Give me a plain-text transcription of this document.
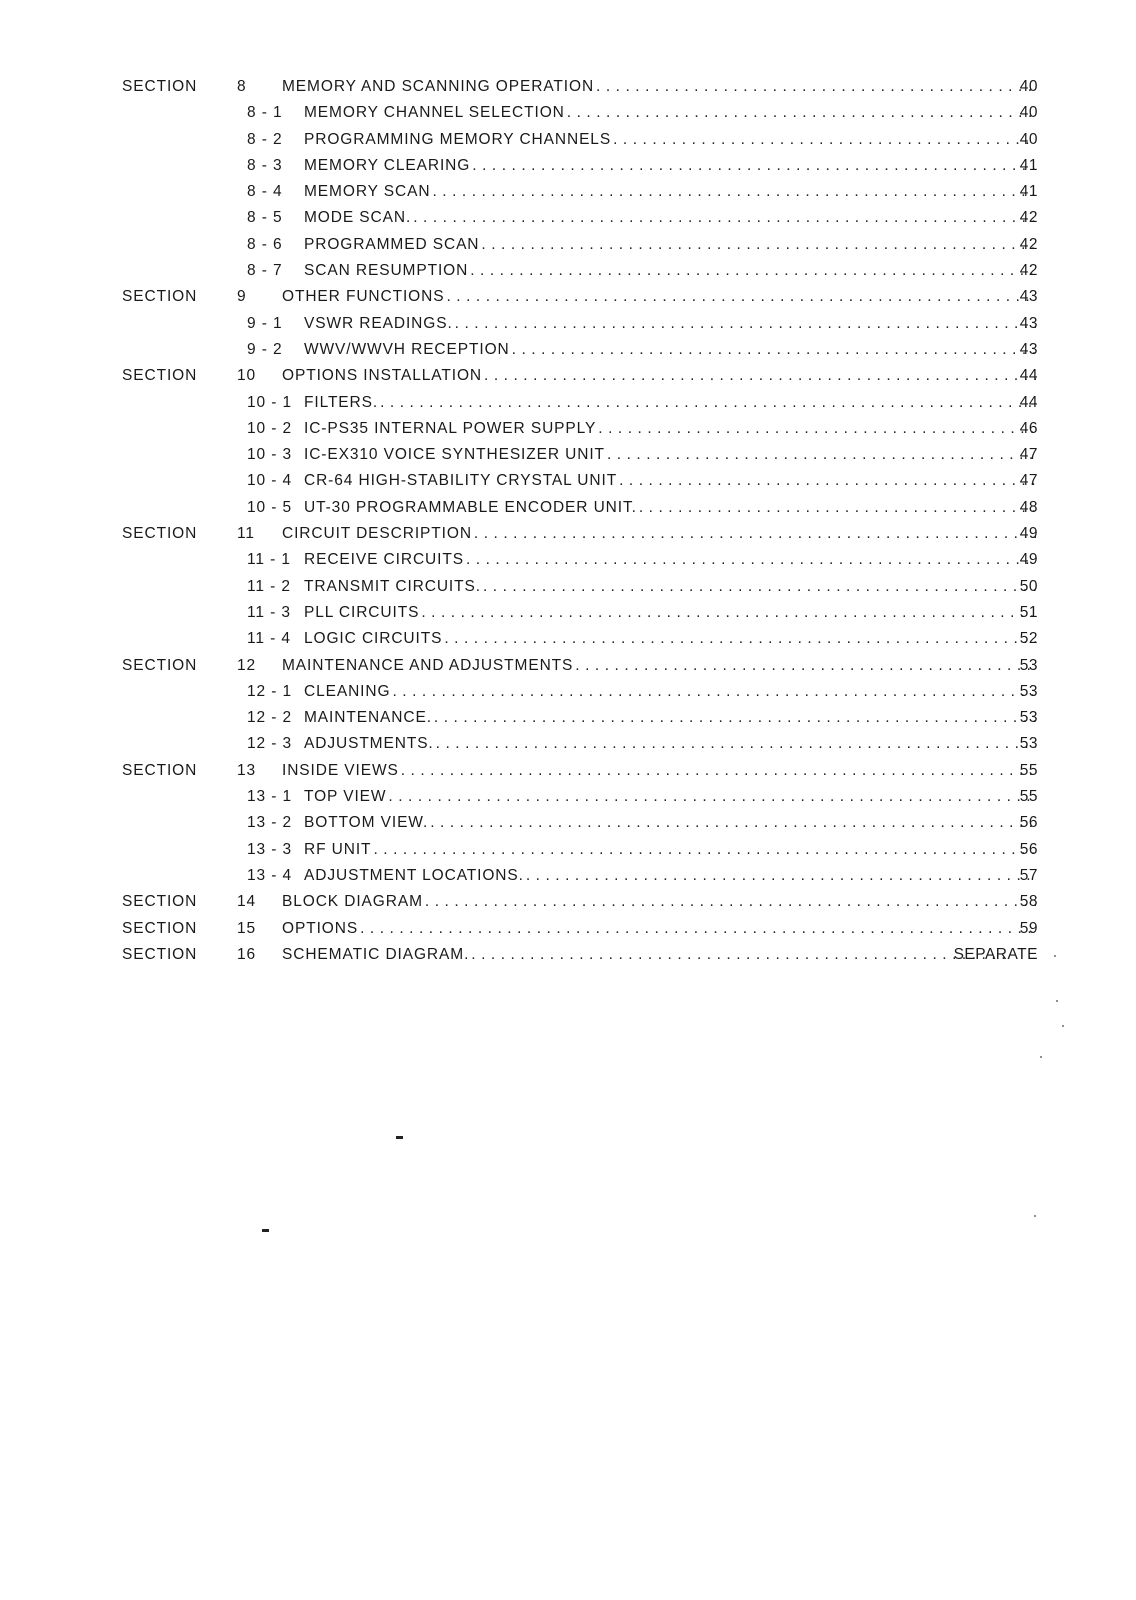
SECTION	8 MEMORY AND SCANNING OPERATION . . .	40
8 - 1 MEMORY CHANNEL SELECTION . . .	40
8 - 2 PROGRAMMING MEMORY CHANNELS . . .	40
8 - 3 MEMORY CLEARING . . .	41
8 - 4 MEMORY SCAN . . .	41
8 - 5 MODE SCAN. . . .	42
8 - 6 PROGRAMMED SCAN . . .	42
8 - 7 SCAN RESUMPTION . . .	42
SECTION	9 OTHER FUNCTIONS . . .	43
9 - 1 VSWR READINGS. . . .	43
9 - 2 WWV/WWVH RECEPTION . . .	43
SECTION	10 OPTIONS INSTALLATION . . .	44
10 - 1 FILTERS. . . .	44
10 - 2 IC-PS35 INTERNAL POWER SUPPLY . . .	46
10 - 3 IC-EX310 VOICE SYNTHESIZER UNIT . . .	47
10 - 4 CR-64 HIGH-STABILITY CRYSTAL UNIT . . .	47
10 - 5 UT-30 PROGRAMMABLE ENCODER UNIT. . . .	48
SECTION	11 CIRCUIT DESCRIPTION . . .	49
11 - 1 RECEIVE CIRCUITS . . .	49
11 - 2 TRANSMIT CIRCUITS. . . .	50
11 - 3 PLL CIRCUITS . . .	51
11 - 4 LOGIC CIRCUITS . . .	52
SECTION	12 MAINTENANCE AND ADJUSTMENTS . . .	53
12 - 1 CLEANING . . .	53
12 - 2 MAINTENANCE. . . .	53
12 - 3 ADJUSTMENTS. . . .	53
SECTION	13 INSIDE VIEWS . . .	55
13 - 1 TOP VIEW . . .	55
13 - 2 BOTTOM VIEW. . . .	56
13 - 3 RF UNIT . . .	56
13 - 4 ADJUSTMENT LOCATIONS. . . .	57
SECTION	14 BLOCK DIAGRAM . . .	58
SECTION	15 OPTIONS . . .	59
SECTION	16 SCHEMATIC DIAGRAM. . . .	SEPARATE
